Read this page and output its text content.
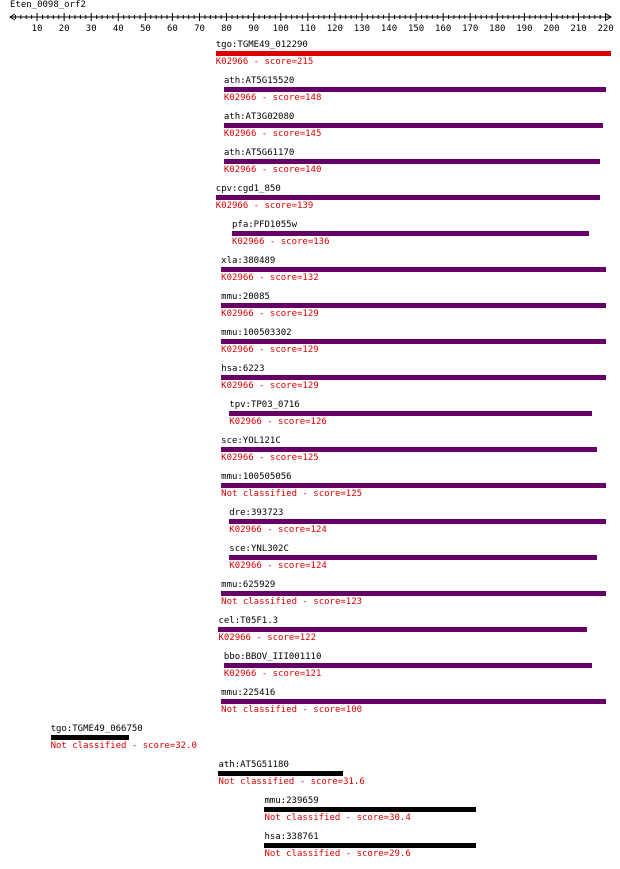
Eten_0098_orf2
10 20 30 40 50 60 70 80 90 100 110 120 130 140 150 160 170 180 190 200 210 220
tgo:TGME49_012290
K02966 - score=215
ath:AT5G15520
K02966 - score=148
ath:AT3G02080
K02966 - score=145
ath:AT5G61170
K02966 - score=140
cpv:cgd1_850
K02966 - score=139
pfa:PFD1055w
K02966 - score=136
xla:380489
K02966 - score=132
mmu:20085
K02966 - score=129
mmu:100503302
K02966 - score=129
hsa:6223
K02966 - score=129
tpv:TP03_0716
K02966 - score=126
sce:YOL121C
K02966 - score=125
mmu:100505056
Not classified - score=125
dre:393723
K02966 - score=124
sce:YNL302C
K02966 - score=124
mmu:625929
Not classified - score=123
cel:T05F1.3
K02966 - score=122
bbo:BBOV_III001110
K02966 - score=121
mmu:225416
Not classified - score=100
tgo:TGME49_066750
Not classified - score=32.0
ath:AT5G51180
Not classified - score=31.6
mmu:239659
Not classified - score=30.4
hsa:338761
Not classified - score=29.6
